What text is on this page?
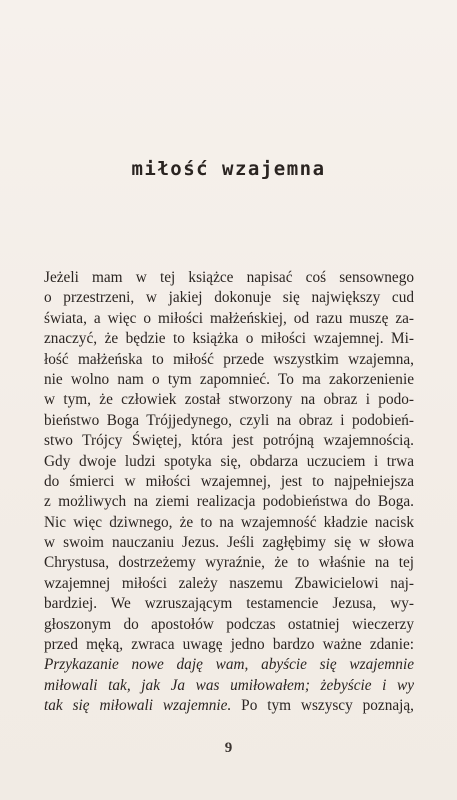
miłość wzajemna
Jeżeli mam w tej książce napisać coś sensownego
o przestrzeni, w jakiej dokonuje się największy cud
świata, a więc o miłości małżeńskiej, od razu muszę za-
znaczyć, że będzie to książka o miłości wzajemnej. Mi-
łość małżeńska to miłość przede wszystkim wzajemna,
nie wolno nam o tym zapomnieć. To ma zakorzenienie
w tym, że człowiek został stworzony na obraz i podo-
bieństwo Boga Trójjedynego, czyli na obraz i podobień-
stwo Trójcy Świętej, która jest potrójną wzajemnością.
Gdy dwoje ludzi spotyka się, obdarza uczuciem i trwa
do śmierci w miłości wzajemnej, jest to najpełniejsza
z możliwych na ziemi realizacja podobieństwa do Boga.
Nic więc dziwnego, że to na wzajemność kładzie nacisk
w swoim nauczaniu Jezus. Jeśli zagłębimy się w słowa
Chrystusa, dostrzeżemy wyraźnie, że to właśnie na tej
wzajemnej miłości zależy naszemu Zbawicielowi naj-
bardziej. We wzruszającym testamencie Jezusa, wy-
głoszonym do apostołów podczas ostatniej wieczerzy
przed męką, zwraca uwagę jedno bardzo ważne zdanie:
Przykazanie nowe daję wam, abyście się wzajemnie
miłowali tak, jak Ja was umiłowałem; żebyście i wy
tak się miłowali wzajemnie. Po tym wszyscy poznają,
9
